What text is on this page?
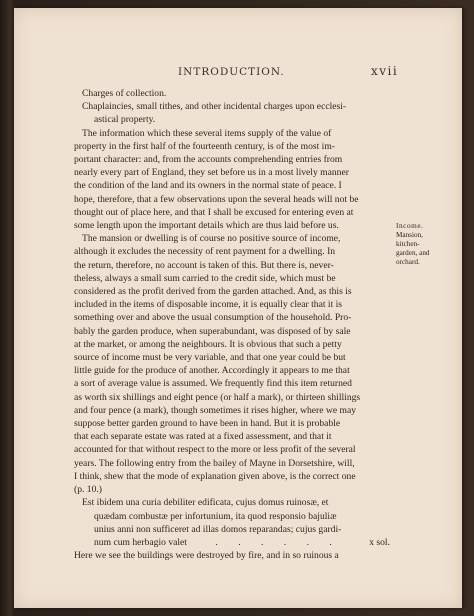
INTRODUCTION.	xvii
Charges of collection.
Chaplaincies, small tithes, and other incidental charges upon ecclesi-
astical property.
The information which these several items supply of the value of
property in the first half of the fourteenth century, is of the most im-
portant character: and, from the accounts comprehending entries from
nearly every part of England, they set before us in a most lively manner
the condition of the land and its owners in the normal state of peace. I
hope, therefore, that a few observations upon the several heads will not be
thought out of place here, and that I shall be excused for entering even at
some length upon the important details which are thus laid before us.
The mansion or dwelling is of course no positive source of income,
although it excludes the necessity of rent payment for a dwelling. In
the return, therefore, no account is taken of this. But there is, never-
theless, always a small sum carried to the credit side, which must be
considered as the profit derived from the garden attached. And, as this is
included in the items of disposable income, it is equally clear that it is
something over and above the usual consumption of the household. Pro-
bably the garden produce, when superabundant, was disposed of by sale
at the market, or among the neighbours. It is obvious that such a petty
source of income must be very variable, and that one year could be but
little guide for the produce of another. Accordingly it appears to me that
a sort of average value is assumed. We frequently find this item returned
as worth six shillings and eight pence (or half a mark), or thirteen shillings
and four pence (a mark), though sometimes it rises higher, where we may
suppose better garden ground to have been in hand. But it is probable
that each separate estate was rated at a fixed assessment, and that it
accounted for that without respect to the more or less profit of the several
years. The following entry from the bailey of Mayne in Dorsetshire, will,
I think, shew that the mode of explanation given above, is the correct one
(p. 10.)
Est ibidem una curia debiliter edificata, cujus domus ruinosæ, et
quædam combustæ per infortunium, ita quod responsio bajuliæ
unius anni non sufficeret ad illas domos reparandas; cujus gardi-
num cum herbagio valet	. . . . . .	x sol.
Here we see the buildings were destroyed by fire, and in so ruinous a
Income.
Mansion,
kitchen-
garden, and
orchard.
